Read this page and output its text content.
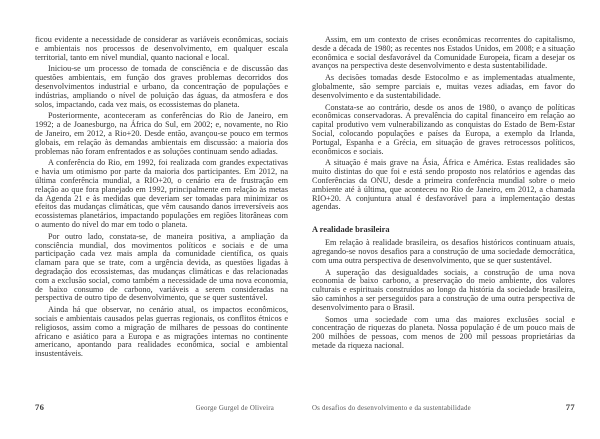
ficou evidente a necessidade de considerar as variáveis econômicas, sociais e ambientais nos processos de desenvolvimento, em qualquer escala territorial, tanto em nível mundial, quanto nacional e local.

Iniciou-se um processo de tomada de consciência e de discussão das questões ambientais, em função dos graves problemas decorridos dos desenvolvimentos industrial e urbano, da concentração de populações e indústrias, ampliando o nível de poluição das águas, da atmosfera e dos solos, impactando, cada vez mais, os ecossistemas do planeta.

Posteriormente, aconteceram as conferências do Rio de Janeiro, em 1992; a de Joanesburgo, na África do Sul, em 2002; e, novamente, no Rio de Janeiro, em 2012, a Rio+20. Desde então, avançou-se pouco em termos globais, em relação às demandas ambientais em discussão: a maioria dos problemas não foram enfrentados e as soluções continuam sendo adiadas.

A conferência do Rio, em 1992, foi realizada com grandes expectativas e havia um otimismo por parte da maioria dos participantes. Em 2012, na última conferência mundial, a RIO+20, o cenário era de frustração em relação ao que fora planejado em 1992, principalmente em relação às metas da Agenda 21 e às medidas que deveriam ser tomadas para minimizar os efeitos das mudanças climáticas, que vêm causando danos irreversíveis aos ecossistemas planetários, impactando populações em regiões litorâneas com o aumento do nível do mar em todo o planeta.

Por outro lado, constata-se, de maneira positiva, a ampliação da consciência mundial, dos movimentos políticos e sociais e de uma participação cada vez mais ampla da comunidade científica, os quais clamam para que se trate, com a urgência devida, as questões ligadas à degradação dos ecossistemas, das mudanças climáticas e das relacionadas com a exclusão social, como também a necessidade de uma nova economia, de baixo consumo de carbono, variáveis a serem consideradas na perspectiva de outro tipo de desenvolvimento, que se quer sustentável.

Ainda há que observar, no cenário atual, os impactos econômicos, sociais e ambientais causados pelas guerras regionais, os conflitos étnicos e religiosos, assim como a migração de milhares de pessoas do continente africano e asiático para a Europa e as migrações internas no continente americano, apontando para realidades econômica, social e ambiental insustentáveis.

76	George Gurgel de Oliveira

Assim, em um contexto de crises econômicas recorrentes do capitalismo, desde a década de 1980; as recentes nos Estados Unidos, em 2008; e a situação econômica e social desfavorável da Comunidade Europeia, ficam a desejar os avanços na perspectiva deste desenvolvimento e desta sustentabilidade.

As decisões tomadas desde Estocolmo e as implementadas atualmente, globalmente, são sempre parciais e, muitas vezes adiadas, em favor do desenvolvimento e da sustentabilidade.

Constata-se ao contrário, desde os anos de 1980, o avanço de políticas econômicas conservadoras. A prevalência do capital financeiro em relação ao capital produtivo vem vulnerabilizando as conquistas do Estado de Bem-Estar Social, colocando populações e países da Europa, a exemplo da Irlanda, Portugal, Espanha e a Grécia, em situação de graves retrocessos políticos, econômicos e sociais.

A situação é mais grave na Ásia, África e América. Estas realidades são muito distintas do que foi e está sendo proposto nos relatórios e agendas das Conferências da ONU, desde a primeira conferência mundial sobre o meio ambiente até à última, que aconteceu no Rio de Janeiro, em 2012, a chamada RIO+20. A conjuntura atual é desfavorável para a implementação destas agendas.

A realidade brasileira

Em relação à realidade brasileira, os desafios históricos continuam atuais, agregando-se novos desafios para a construção de uma sociedade democrática, com uma outra perspectiva de desenvolvimento, que se quer sustentável.

A superação das desigualdades sociais, a construção de uma nova economia de baixo carbono, a preservação do meio ambiente, dos valores culturais e espirituais construídos ao longo da história da sociedade brasileira, são caminhos a ser perseguidos para a construção de uma outra perspectiva de desenvolvimento para o Brasil.

Somos uma sociedade com uma das maiores exclusões social e concentração de riquezas do planeta. Nossa população é de um pouco mais de 200 milhões de pessoas, com menos de 200 mil pessoas proprietárias da metade da riqueza nacional.

Os desafios do desenvolvimento e da sustentabilidade	77
